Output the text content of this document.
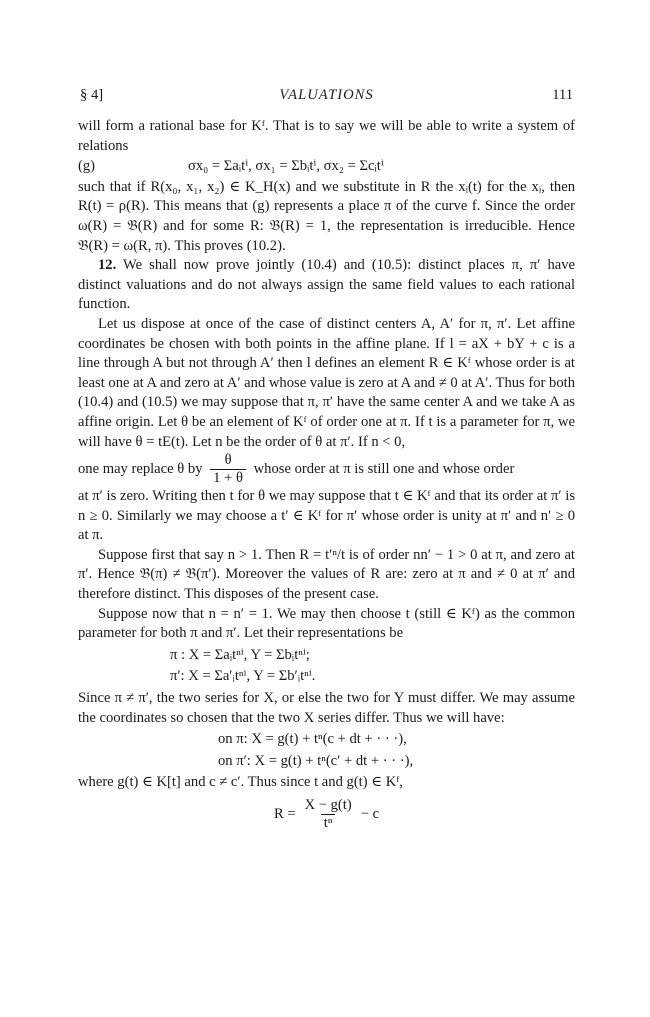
§ 4]	VALUATIONS	111

will form a rational base for Kᶠ. That is to say we will be able to write a system of relations

(g)	σx₀ = Σaᵢtⁱ, σx₁ = Σbᵢtⁱ, σx₂ = Σcᵢtⁱ

such that if R(x₀, x₁, x₂) ∈ K_H(x) and we substitute in R the xᵢ(t) for the xᵢ, then R(t) = ρ(R). This means that (g) represents a place π of the curve f. Since the order ω(R) = 𝔅(R) and for some R: 𝔅(R) = 1, the representation is irreducible. Hence 𝔅(R) = ω(R, π). This proves (10.2).

12. We shall now prove jointly (10.4) and (10.5): distinct places π, π′ have distinct valuations and do not always assign the same field values to each rational function.

Let us dispose at once of the case of distinct centers A, A′ for π, π′. Let affine coordinates be chosen with both points in the affine plane. If l = aX + bY + c is a line through A but not through A′ then l defines an element R ∈ Kᶠ whose order is at least one at A and zero at A′ and whose value is zero at A and ≠ 0 at A′. Thus for both (10.4) and (10.5) we may suppose that π, π′ have the same center A and we take A as affine origin. Let θ be an element of Kᶠ of order one at π. If t is a parameter for π, we will have θ = tE(t). Let n be the order of θ at π′. If n < 0,

one may replace θ by $\frac{\theta}{1 + \theta}$ whose order at π is still one and whose order

at π′ is zero. Writing then t for θ we may suppose that t ∈ Kᶠ and that its order at π′ is n ≥ 0. Similarly we may choose a t′ ∈ Kᶠ for π′ whose order is unity at π′ and n′ ≥ 0 at π.

Suppose first that say n > 1. Then R = t′ⁿ/t is of order nn′ − 1 > 0 at π, and zero at π′. Hence 𝔅(π) ≠ 𝔅(π′). Moreover the values of R are: zero at π and ≠ 0 at π′ and therefore distinct. This disposes of the present case.

Suppose now that n = n′ = 1. We may then choose t (still ∈ Kᶠ) as the common parameter for both π and π′. Let their representations be

π : X = Σaᵢtⁿⁱ, Y = Σbᵢtⁿⁱ;
π′: X = Σa′ᵢtⁿⁱ, Y = Σb′ᵢtⁿⁱ.

Since π ≠ π′, the two series for X, or else the two for Y must differ. We may assume the coordinates so chosen that the two X series differ. Thus we will have:

on π: X = g(t) + tⁿ(c + dt + · · ·),
on π′: X = g(t) + tⁿ(c′ + dt + · · ·),

where g(t) ∈ K[t] and c ≠ c′. Thus since t and g(t) ∈ Kᶠ,

$R = \frac{X - g(t)}{\text{tⁿ}} - c$
